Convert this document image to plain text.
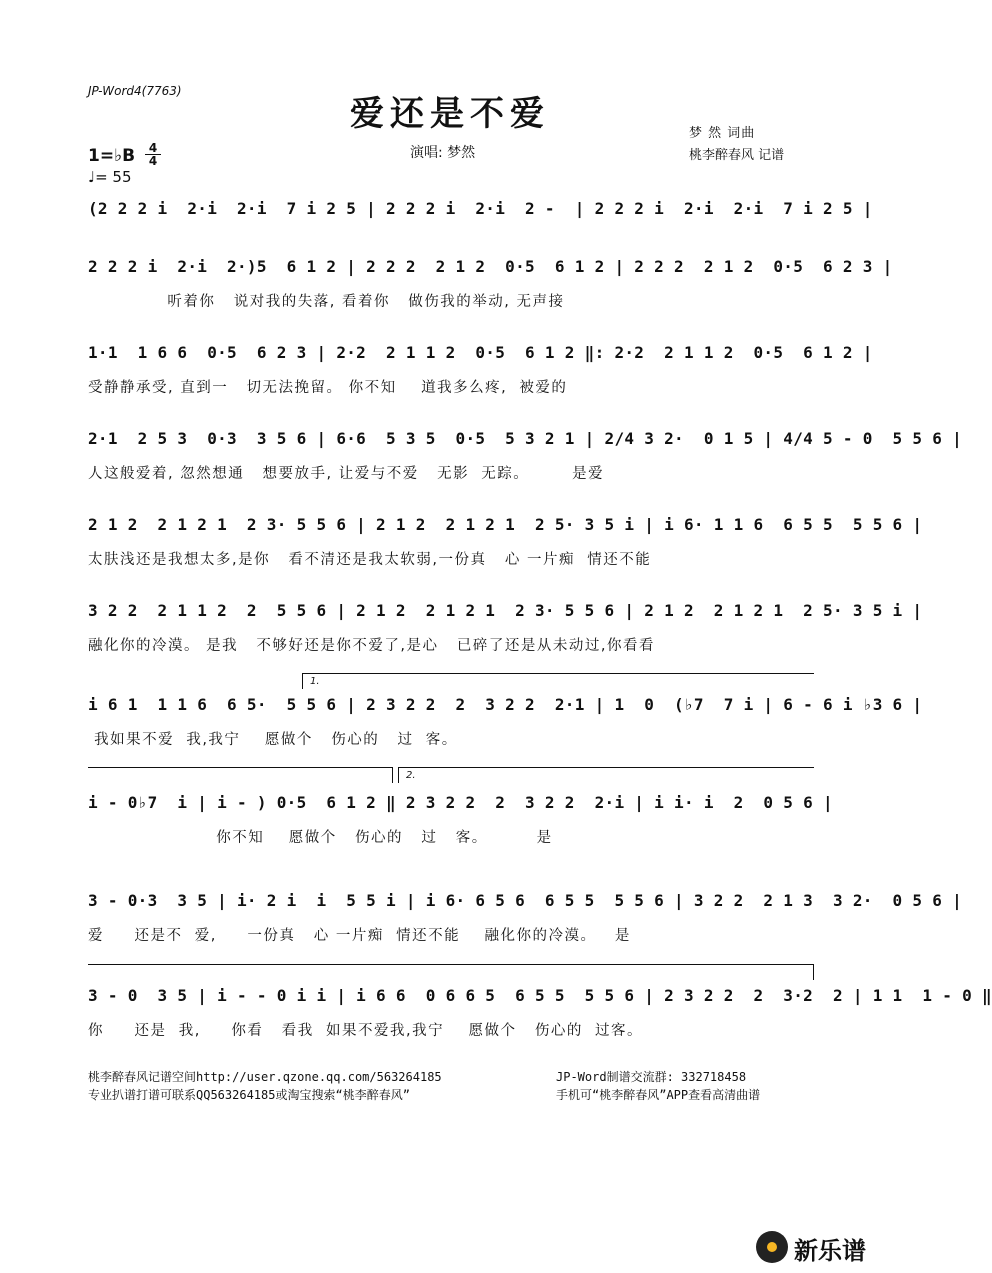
JP-Word4(7763)
爱还是不爱
1=♭B $\frac{4}{4}$
♩= 55
演唱: 梦然
梦 然 词曲
桃李醉春风 记谱
(2 2 2 i  2·i  2·i  7 i 2 5 | 2 2 2 i  2·i  2 -  | 2 2 2 i  2·i  2·i  7 i 2 5 |
2 2 2 i  2·i  2·)5  6 1 2 | 2 2 2  2 1 2  0·5  6 1 2 | 2 2 2  2 1 2  0·5  6 2 3 |
听着你   说对我的失落, 看着你   做伤我的举动, 无声接
1·1  1 6 6  0·5  6 2 3 | 2·2  2 1 1 2  0·5  6 1 2 ‖: 2·2  2 1 1 2  0·5  6 1 2 |
受静静承受, 直到一   切无法挽留。 你不知    道我多么疼,  被爱的
2·1  2 5 3  0·3  3 5 6 | 6·6  5 3 5  0·5  5 3 2 1 | 2/4 3 2·  0 1 5 | 4/4 5 - 0  5 5 6 |
人这般爱着, 忽然想通   想要放手, 让爱与不爱   无影  无踪。       是爱
2 1 2  2 1 2 1  2 3· 5 5 6 | 2 1 2  2 1 2 1  2 5· 3 5 i | i 6· 1 1 6  6 5 5  5 5 6 |
太肤浅还是我想太多,是你   看不清还是我太软弱,一份真   心 一片痴  情还不能
3 2 2  2 1 1 2  2  5 5 6 | 2 1 2  2 1 2 1  2 3· 5 5 6 | 2 1 2  2 1 2 1  2 5· 3 5 i |
融化你的冷漠。 是我   不够好还是你不爱了,是心   已碎了还是从未动过,你看看
i 6 1  1 1 6  6 5·  5 5 6 | 2 3 2 2  2  3 2 2  2·1 | 1  0  (♭7  7 i | 6 - 6 i ♭3 6 |
我如果不爱  我,我宁    愿做个   伤心的   过  客。
i - 0♭7  i | i - ) 0·5  6 1 2 ‖ 2 3 2 2  2  3 2 2  2·i | i i· i  2  0 5 6 |
你不知    愿做个   伤心的   过   客。        是
3 - 0·3  3 5 | i· 2 i  i  5 5 i | i 6· 6 5 6  6 5 5  5 5 6 | 3 2 2  2 1 3  3 2·  0 5 6 |
爱     还是不  爱,     一份真   心 一片痴  情还不能    融化你的冷漠。   是
3 - 0  3 5 | i - - 0 i i | i 6 6  0 6 6 5  6 5 5  5 5 6 | 2 3 2 2  2  3·2  2 | 1 1  1 - 0 ‖
你     还是  我,     你看   看我  如果不爱我,我宁    愿做个   伤心的  过客。
1.
2.
桃李醉春风记谱空间http://user.qzone.qq.com/563264185
专业扒谱打谱可联系QQ563264185或淘宝搜索“桃李醉春风”
JP-Word制谱交流群: 332718458
手机可“桃李醉春风”APP查看高清曲谱
新乐谱
